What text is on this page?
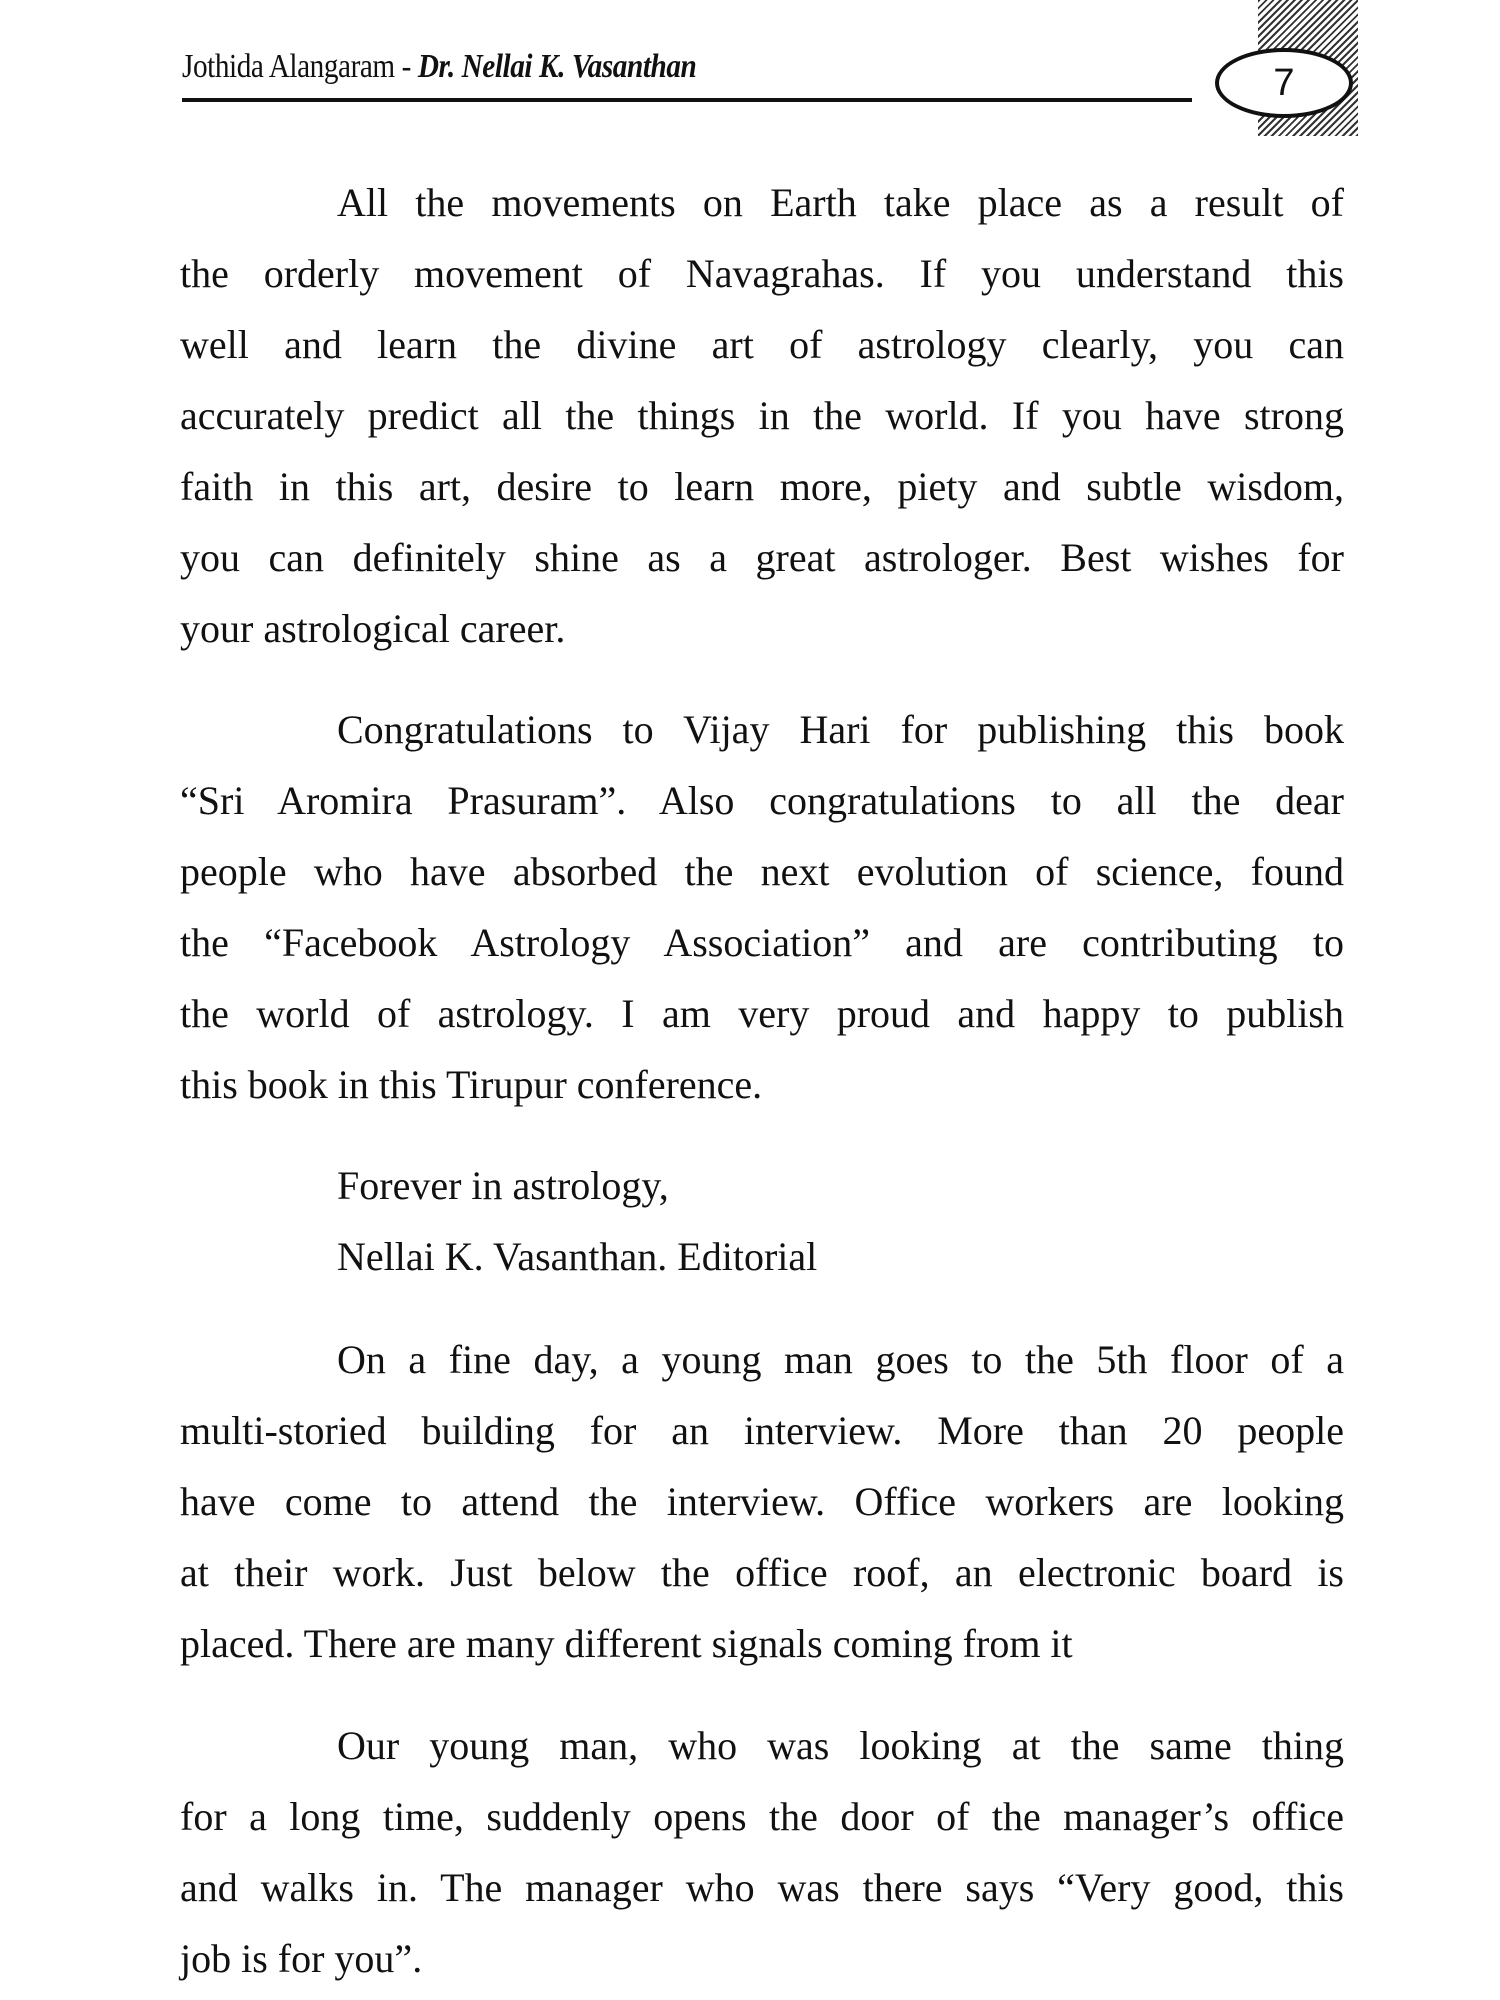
Jothida Alangaram - Dr. Nellai K. Vasanthan	7
All the movements on Earth take place as a result of
the orderly movement of Navagrahas. If you understand this
well and learn the divine art of astrology clearly, you can
accurately predict all the things in the world. If you have strong
faith in this art, desire to learn more, piety and subtle wisdom,
you can definitely shine as a great astrologer. Best wishes for
your astrological career.
Congratulations to Vijay Hari for publishing this book
“Sri Aromira Prasuram”. Also congratulations to all the dear
people who have absorbed the next evolution of science, found
the “Facebook Astrology Association” and are contributing to
the world of astrology. I am very proud and happy to publish
this book in this Tirupur conference.
Forever in astrology,
Nellai K. Vasanthan. Editorial
On a fine day, a young man goes to the 5th floor of a
multi-storied building for an interview. More than 20 people
have come to attend the interview. Office workers are looking
at their work. Just below the office roof, an electronic board is
placed. There are many different signals coming from it
Our young man, who was looking at the same thing
for a long time, suddenly opens the door of the manager’s office
and walks in. The manager who was there says “Very good, this
job is for you”.
